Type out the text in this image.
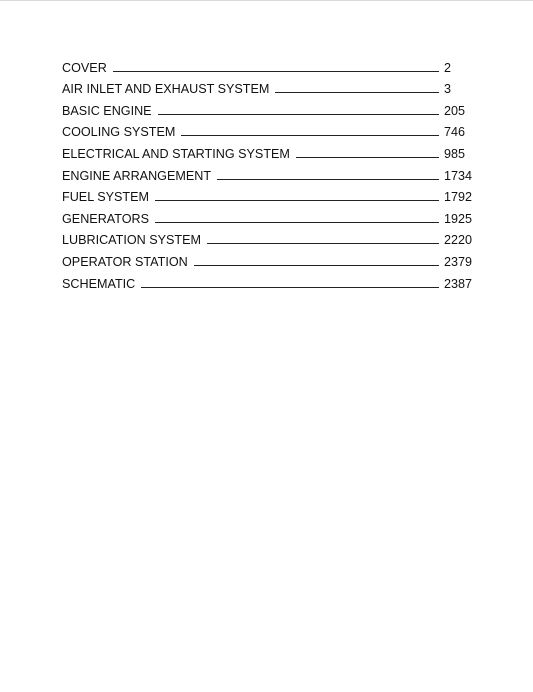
COVER	2
AIR INLET AND EXHAUST SYSTEM	3
BASIC ENGINE	205
COOLING SYSTEM	746
ELECTRICAL AND STARTING SYSTEM	985
ENGINE ARRANGEMENT	1734
FUEL SYSTEM	1792
GENERATORS	1925
LUBRICATION SYSTEM	2220
OPERATOR STATION	2379
SCHEMATIC	2387
